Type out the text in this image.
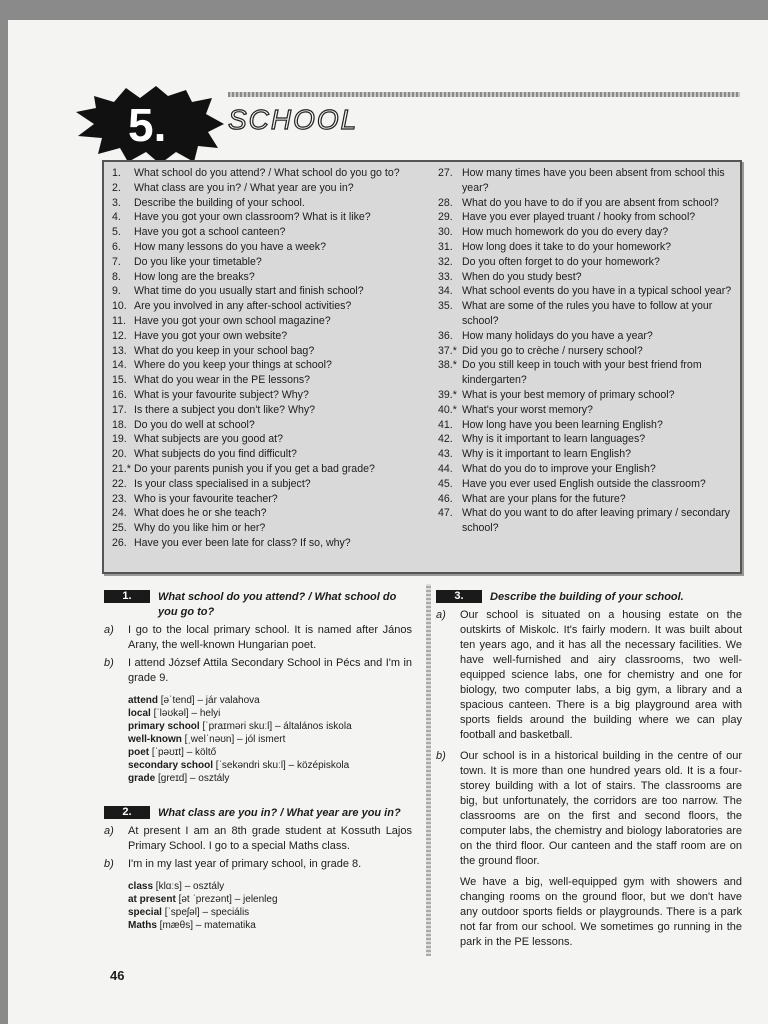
5.	SCHOOL
1.	What school do you attend? / What school do you go to?
2.	What class are you in? / What year are you in?
3.	Describe the building of your school.
4.	Have you got your own classroom? What is it like?
5.	Have you got a school canteen?
6.	How many lessons do you have a week?
7.	Do you like your timetable?
8.	How long are the breaks?
9.	What time do you usually start and finish school?
10. Are you involved in any after-school activities?
11. Have you got your own school magazine?
12. Have you got your own website?
13. What do you keep in your school bag?
14. Where do you keep your things at school?
15. What do you wear in the PE lessons?
16. What is your favourite subject? Why?
17. Is there a subject you don't like? Why?
18. Do you do well at school?
19. What subjects are you good at?
20. What subjects do you find difficult?
21.* Do your parents punish you if you get a bad grade?
22. Is your class specialised in a subject?
23. Who is your favourite teacher?
24. What does he or she teach?
25. Why do you like him or her?
26. Have you ever been late for class? If so, why?
27. How many times have you been absent from school this year?
28. What do you have to do if you are absent from school?
29. Have you ever played truant / hooky from school?
30. How much homework do you do every day?
31. How long does it take to do your homework?
32. Do you often forget to do your homework?
33. When do you study best?
34. What school events do you have in a typical school year?
35. What are some of the rules you have to follow at your school?
36. How many holidays do you have a year?
37.* Did you go to crèche / nursery school?
38.* Do you still keep in touch with your best friend from kindergarten?
39.* What is your best memory of primary school?
40.* What's your worst memory?
41. How long have you been learning English?
42. Why is it important to learn languages?
43. Why is it important to learn English?
44. What do you do to improve your English?
45. Have you ever used English outside the classroom?
46. What are your plans for the future?
47. What do you want to do after leaving primary / secondary school?
1.	What school do you attend? / What school do you go to?
a)	I go to the local primary school. It is named after János Arany, the well-known Hungarian poet.
b)	I attend József Attila Secondary School in Pécs and I'm in grade 9.
attend [əˈtend] – jár valahova
local [ˈləʊkəl] – helyi
primary school [ˈpraɪməri skuːl] – általános iskola
well-known [ˌwelˈnəʊn] – jól ismert
poet [ˈpəʊɪt] – költő
secondary school [ˈsekəndri skuːl] – középiskola
grade [greɪd] – osztály
2.	What class are you in? / What year are you in?
a)	At present I am an 8th grade student at Kossuth Lajos Primary School. I go to a special Maths class.
b)	I'm in my last year of primary school, in grade 8.
class [klɑːs] – osztály
at present [ət ˈprezənt] – jelenleg
special [ˈspeʃəl] – speciális
Maths [mæθs] – matematika
3.	Describe the building of your school.
a)	Our school is situated on a housing estate on the outskirts of Miskolc. It's fairly modern. It was built about ten years ago, and it has all the necessary facilities. We have well-furnished and airy classrooms, two well-equipped science labs, one for chemistry and one for biology, two computer labs, a big gym, a library and a spacious canteen. There is a big playground area with sports fields around the building where we can play football and basketball.
b)	Our school is in a historical building in the centre of our town. It is more than one hundred years old. It is a four-storey building with a lot of stairs. The classrooms are big, but unfortunately, the corridors are too narrow. The classrooms are on the first and second floors, the computer labs, the chemistry and biology laboratories are on the third floor. Our canteen and the staff room are on the ground floor.

We have a big, well-equipped gym with showers and changing rooms on the ground floor, but we don't have any outdoor sports fields or playgrounds. There is a park not far from our school. We sometimes go running in the park in the PE lessons.

46
